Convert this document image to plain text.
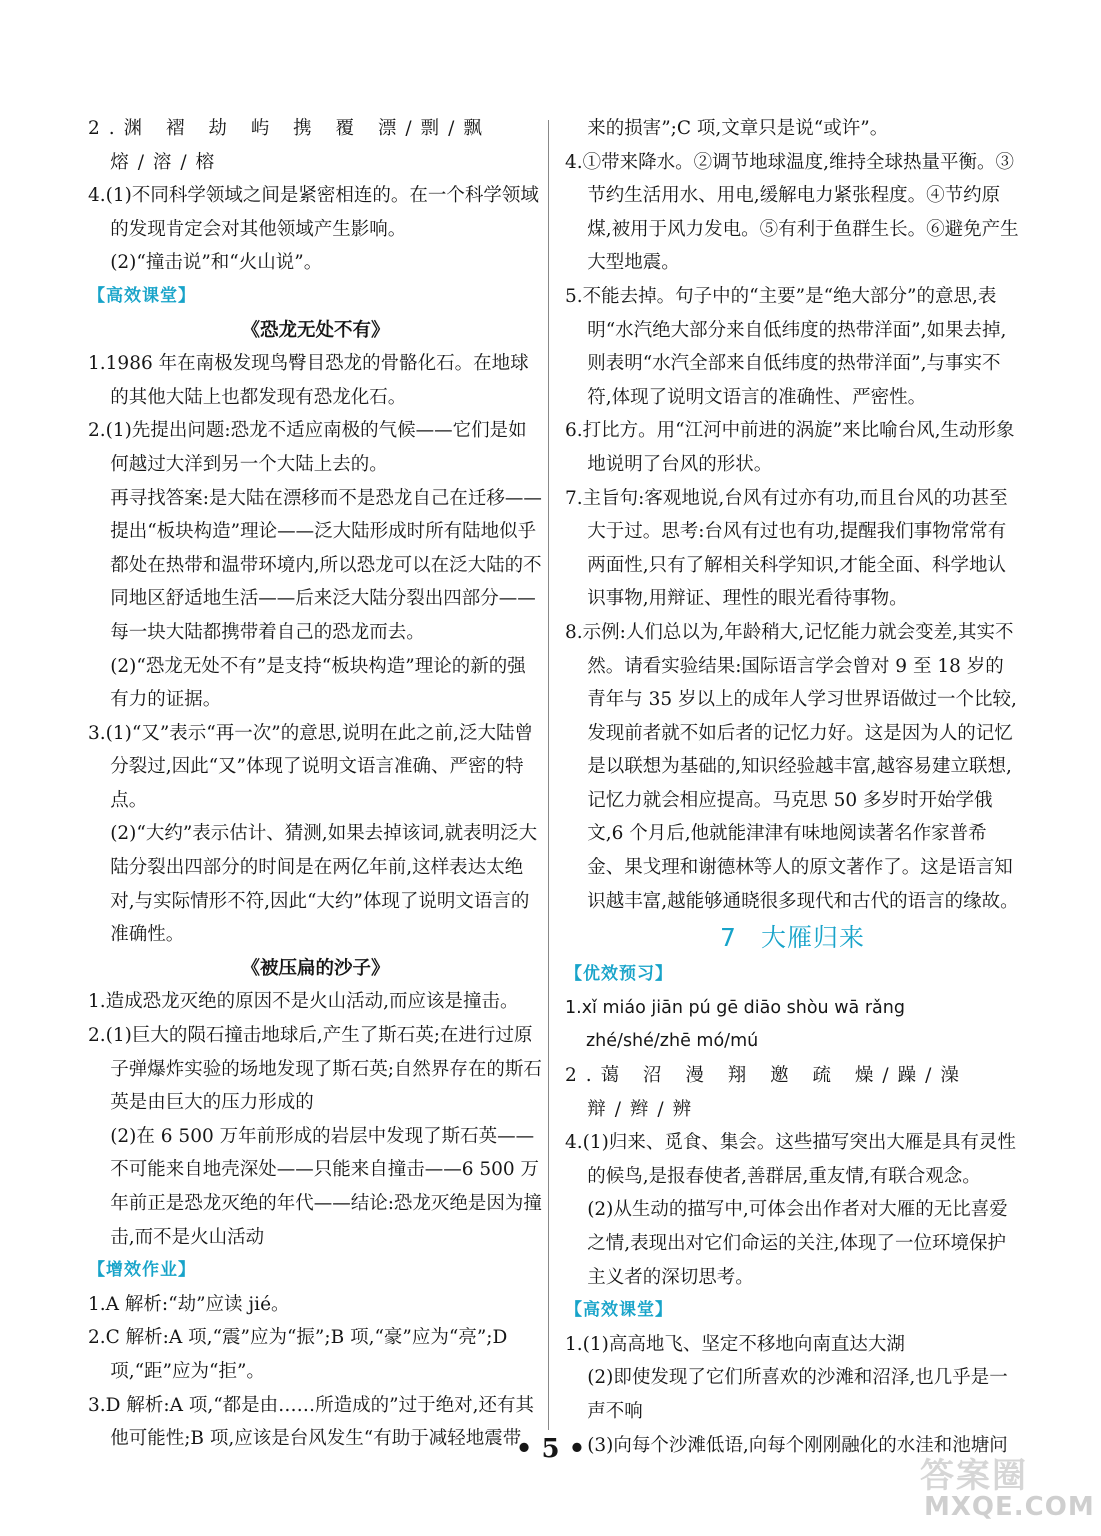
2.渊 褶 劫 屿 携 覆 漂/剽/飘 熔/溶/榕

4.(1)不同科学领域之间是紧密相连的。在一个科学领域的发现肯定会对其他领域产生影响。

(2)“撞击说”和“火山说”。

【高效课堂】

《恐龙无处不有》

1.1986 年在南极发现鸟臀目恐龙的骨骼化石。在地球的其他大陆上也都发现有恐龙化石。

2.(1)先提出问题:恐龙不适应南极的气候——它们是如何越过大洋到另一个大陆上去的。

再寻找答案:是大陆在漂移而不是恐龙自己在迁移——提出“板块构造”理论——泛大陆形成时所有陆地似乎都处在热带和温带环境内,所以恐龙可以在泛大陆的不同地区舒适地生活——后来泛大陆分裂出四部分——每一块大陆都携带着自己的恐龙而去。

(2)“恐龙无处不有”是支持“板块构造”理论的新的强有力的证据。

3.(1)“又”表示“再一次”的意思,说明在此之前,泛大陆曾分裂过,因此“又”体现了说明文语言准确、严密的特点。

(2)“大约”表示估计、猜测,如果去掉该词,就表明泛大陆分裂出四部分的时间是在两亿年前,这样表达太绝对,与实际情形不符,因此“大约”体现了说明文语言的准确性。

《被压扁的沙子》

1.造成恐龙灭绝的原因不是火山活动,而应该是撞击。

2.(1)巨大的陨石撞击地球后,产生了斯石英;在进行过原子弹爆炸实验的场地发现了斯石英;自然界存在的斯石英是由巨大的压力形成的

(2)在 6 500 万年前形成的岩层中发现了斯石英——不可能来自地壳深处——只能来自撞击——6 500 万年前正是恐龙灭绝的年代——结论:恐龙灭绝是因为撞击,而不是火山活动

【增效作业】

1.A 解析:“劫”应读 jié。

2.C 解析:A 项,“震”应为“振”;B 项,“豪”应为“亮”;D 项,“距”应为“拒”。

3.D 解析:A 项,“都是由……所造成的”过于绝对,还有其他可能性;B 项,应该是台风发生“有助于减轻地震带

来的损害”;C 项,文章只是说“或许”。

4.①带来降水。②调节地球温度,维持全球热量平衡。③节约生活用水、用电,缓解电力紧张程度。④节约原煤,被用于风力发电。⑤有利于鱼群生长。⑥避免产生大型地震。

5.不能去掉。句子中的“主要”是“绝大部分”的意思,表明“水汽绝大部分来自低纬度的热带洋面”,如果去掉,则表明“水汽全部来自低纬度的热带洋面”,与事实不符,体现了说明文语言的准确性、严密性。

6.打比方。用“江河中前进的涡旋”来比喻台风,生动形象地说明了台风的形状。

7.主旨句:客观地说,台风有过亦有功,而且台风的功甚至大于过。思考:台风有过也有功,提醒我们事物常常有两面性,只有了解相关科学知识,才能全面、科学地认识事物,用辩证、理性的眼光看待事物。

8.示例:人们总以为,年龄稍大,记忆能力就会变差,其实不然。请看实验结果:国际语言学会曾对 9 至 18 岁的青年与 35 岁以上的成年人学习世界语做过一个比较,发现前者就不如后者的记忆力好。这是因为人的记忆是以联想为基础的,知识经验越丰富,越容易建立联想,记忆力就会相应提高。马克思 50 多岁时开始学俄文,6 个月后,他就能津津有味地阅读著名作家普希金、果戈理和谢德林等人的原文著作了。这是语言知识越丰富,越能够通晓很多现代和古代的语言的缘故。

7 大雁归来

【优效预习】

1.xǐ miáo jiān pú gē diāo shòu wā rǎng

zhé/shé/zhē mó/mú

2.蔼 沼 漫 翔 邀 疏 燥/躁/澡 辩/辫/辨

4.(1)归来、觅食、集会。这些描写突出大雁是具有灵性的候鸟,是报春使者,善群居,重友情,有联合观念。

(2)从生动的描写中,可体会出作者对大雁的无比喜爱之情,表现出对它们命运的关注,体现了一位环境保护主义者的深切思考。

【高效课堂】

1.(1)高高地飞、坚定不移地向南直达大湖

(2)即使发现了它们所喜欢的沙滩和沼泽,也几乎是一声不响

(3)向每个沙滩低语,向每个刚刚融化的水洼和池塘问

• 5 •
答案圈
MXQE.COM
